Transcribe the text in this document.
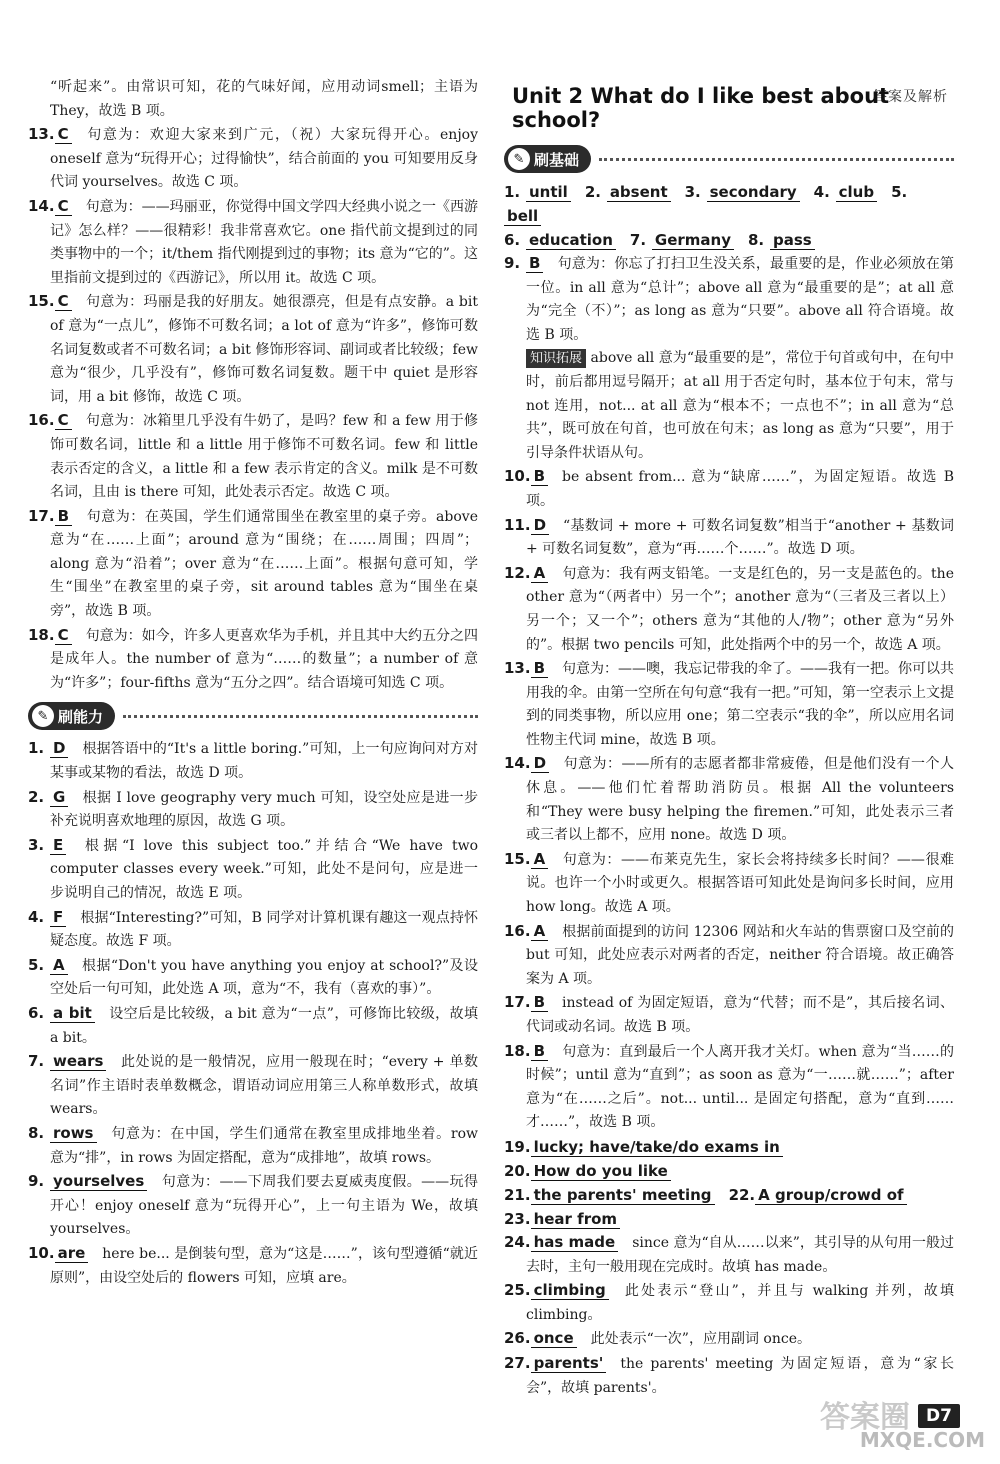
答案及解析

“听起来”。由常识可知，花的气味好闻，应用动词smell；主语为 They，故选 B 项。

13. C 句意为：欢迎大家来到广元，（祝）大家玩得开心。enjoy oneself 意为“玩得开心；过得愉快”，结合前面的 you 可知要用反身代词 yourselves。故选 C 项。

14. C 句意为：——玛丽亚，你觉得中国文学四大经典小说之一《西游记》怎么样？——很精彩！我非常喜欢它。one 指代前文提到过的同类事物中的一个；it/them 指代刚提到过的事物；its 意为“它的”。这里指前文提到过的《西游记》，所以用 it。故选 C 项。

15. C 句意为：玛丽是我的好朋友。她很漂亮，但是有点安静。a bit of 意为“一点儿”，修饰不可数名词；a lot of 意为“许多”，修饰可数名词复数或者不可数名词；a bit 修饰形容词、副词或者比较级；few 意为“很少，几乎没有”，修饰可数名词复数。题干中 quiet 是形容词，用 a bit 修饰，故选 C 项。

16. C 句意为：冰箱里几乎没有牛奶了，是吗？few 和 a few 用于修饰可数名词，little 和 a little 用于修饰不可数名词。few 和 little 表示否定的含义，a little 和 a few 表示肯定的含义。milk 是不可数名词，且由 is there 可知，此处表示否定。故选 C 项。

17. B 句意为：在英国，学生们通常围坐在教室里的桌子旁。above 意为“在……上面”；around 意为“围绕；在……周围；四周”；along 意为“沿着”；over 意为“在……上面”。根据句意可知，学生“围坐”在教室里的桌子旁，sit around tables 意为“围坐在桌旁”，故选 B 项。

18. C 句意为：如今，许多人更喜欢华为手机，并且其中大约五分之四是成年人。the number of 意为“……的数量”；a number of 意为“许多”；four-fifths 意为“五分之四”。结合语境可知选 C 项。

✎ 刷能力

1. D 根据答语中的“It's a little boring.”可知，上一句应询问对方对某事或某物的看法，故选 D 项。

2. G 根据 I love geography very much 可知，设空处应是进一步补充说明喜欢地理的原因，故选 G 项。

3. E 根据“I love this subject too.”并结合“We have two computer classes every week.”可知，此处不是问句，应是进一步说明自己的情况，故选 E 项。

4. F 根据“Interesting?”可知，B 同学对计算机课有趣这一观点持怀疑态度。故选 F 项。

5. A 根据“Don't you have anything you enjoy at school?”及设空处后一句可知，此处选 A 项，意为“不，我有（喜欢的事）”。

6. a bit 设空后是比较级，a bit 意为“一点”，可修饰比较级，故填 a bit。

7. wears 此处说的是一般情况，应用一般现在时；“every + 单数名词”作主语时表单数概念，谓语动词应用第三人称单数形式，故填 wears。

8. rows 句意为：在中国，学生们通常在教室里成排地坐着。row 意为“排”，in rows 为固定搭配，意为“成排地”，故填 rows。

9. yourselves 句意为：——下周我们要去夏威夷度假。——玩得开心！enjoy oneself 意为“玩得开心”，上一句主语为 We，故填 yourselves。

10. are here be... 是倒装句型，意为“这是……”，该句型遵循“就近原则”，由设空处后的 flowers 可知，应填 are。

Unit 2 What do I like best about school?
✎ 刷基础

1. until 2. absent 3. secondary 4. club 5.bell

6. education 7. Germany 8. pass

9. B 句意为：你忘了打扫卫生没关系，最重要的是，作业必须放在第一位。in all 意为“总计”；above all 意为“最重要的是”；at all 意为“完全（不）”；as long as 意为“只要”。above all 符合语境。故选 B 项。

知识拓展 above all 意为“最重要的是”，常位于句首或句中，在句中时，前后都用逗号隔开；at all 用于否定句时，基本位于句末，常与 not 连用，not... at all 意为“根本不；一点也不”；in all 意为“总共”，既可放在句首，也可放在句末；as long as 意为“只要”，用于引导条件状语从句。

10. B be absent from... 意为“缺席……”，为固定短语。故选 B 项。

11. D “基数词 + more + 可数名词复数”相当于“another + 基数词 + 可数名词复数”，意为“再……个……”。故选 D 项。

12. A 句意为：我有两支铅笔。一支是红色的，另一支是蓝色的。the other 意为“（两者中）另一个”；another 意为“（三者及三者以上）另一个；又一个”；others 意为“其他的人/物”；other 意为“另外的”。根据 two pencils 可知，此处指两个中的另一个，故选 A 项。

13. B 句意为：——噢，我忘记带我的伞了。——我有一把。你可以共用我的伞。由第一空所在句句意“我有一把。”可知，第一空表示上文提到的同类事物，所以应用 one；第二空表示“我的伞”，所以应用名词性物主代词 mine，故选 B 项。

14. D 句意为：——所有的志愿者都非常疲倦，但是他们没有一个人休息。——他们忙着帮助消防员。根据 All the volunteers 和“They were busy helping the firemen.”可知，此处表示三者或三者以上都不，应用 none。故选 D 项。

15. A 句意为：——布莱克先生，家长会将持续多长时间？——很难说。也许一个小时或更久。根据答语可知此处是询问多长时间，应用 how long。故选 A 项。

16. A 根据前面提到的访问 12306 网站和火车站的售票窗口及空前的 but 可知，此处应表示对两者的否定，neither 符合语境。故正确答案为 A 项。

17. B instead of 为固定短语，意为“代替；而不是”，其后接名词、代词或动名词。故选 B 项。

18. B 句意为：直到最后一个人离开我才关灯。when 意为“当……的时候”；until 意为“直到”；as soon as 意为“一……就……”；after 意为“在……之后”。not... until... 是固定句搭配，意为“直到……才……”，故选 B 项。

19. lucky; have/take/do exams in

20. How do you like

21. the parents' meeting 22. A group/crowd of

23. hear from

24. has made since 意为“自从……以来”，其引导的从句用一般过去时，主句一般用现在完成时。故填 has made。

25. climbing 此处表示“登山”，并且与 walking 并列，故填 climbing。

26. once 此处表示“一次”，应用副词 once。

27. parents' the parents' meeting 为固定短语，意为“家长会”，故填 parents'。

答案圈
MXQE.COM
D7
